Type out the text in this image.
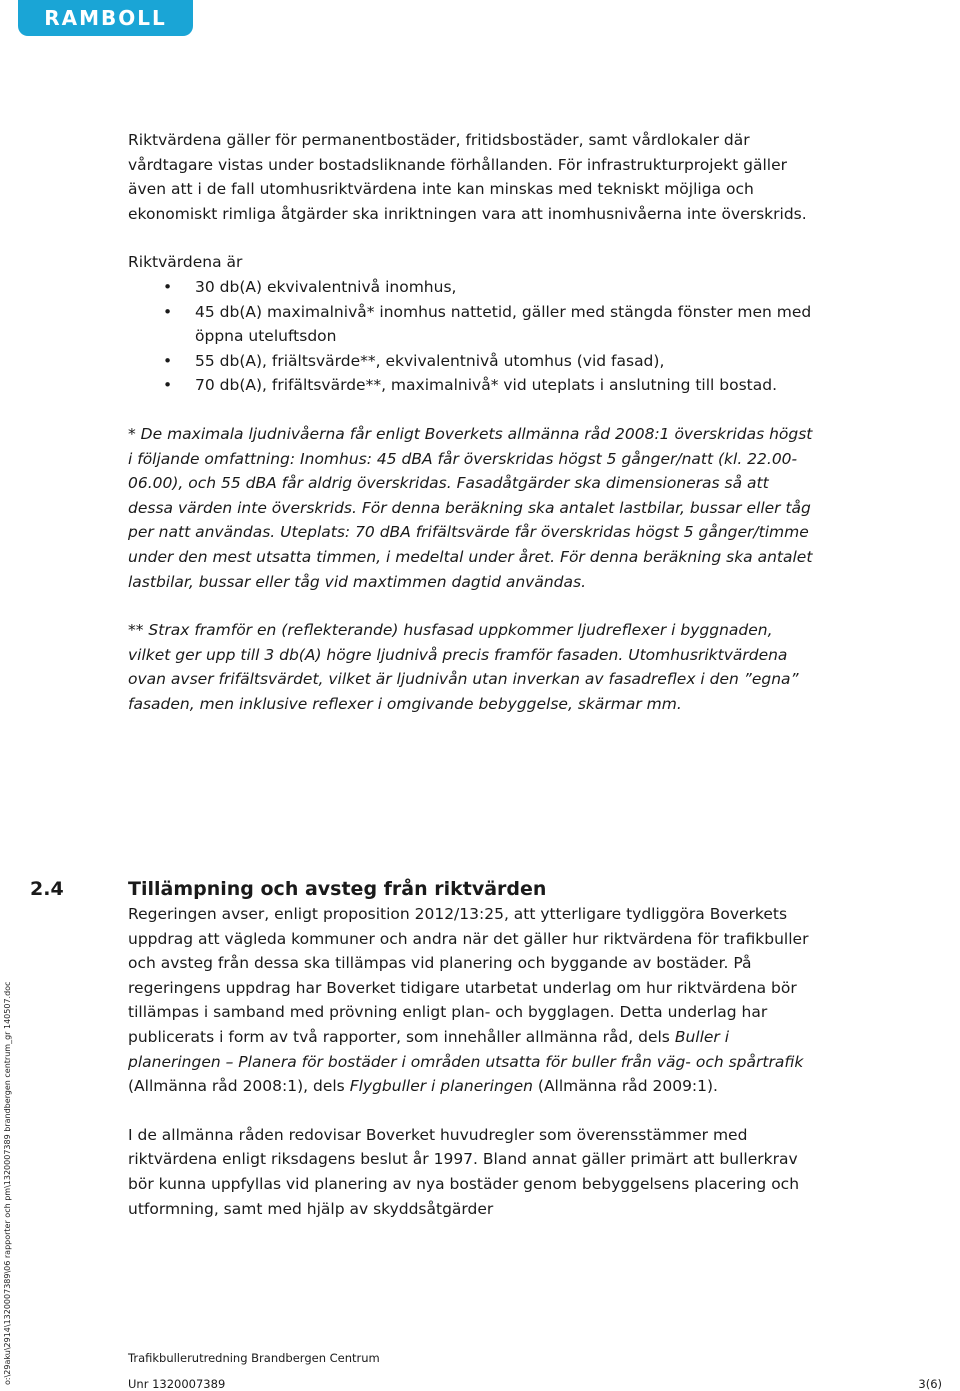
RAMBOLL

Riktvärdena gäller för permanentbostäder, fritidsbostäder, samt vårdlokaler där vårdtagare vistas under bostadsliknande förhållanden. För infrastrukturprojekt gäller även att i de fall utomhusriktvärdena inte kan minskas med tekniskt möjliga och ekonomiskt rimliga åtgärder ska inriktningen vara att inomhusnivåerna inte överskrids.

Riktvärdena är

• 30 db(A) ekvivalentnivå inomhus,
• 45 db(A) maximalnivå* inomhus nattetid, gäller med stängda fönster men med öppna uteluftsdon
• 55 db(A), friältsvärde**, ekvivalentnivå utomhus (vid fasad),
• 70 db(A), frifältsvärde**, maximalnivå* vid uteplats i anslutning till bostad.

* De maximala ljudnivåerna får enligt Boverkets allmänna råd 2008:1 överskridas högst i följande omfattning: Inomhus: 45 dBA får överskridas högst 5 gånger/natt (kl. 22.00-06.00), och 55 dBA får aldrig överskridas. Fasadåtgärder ska dimensioneras så att dessa värden inte överskrids. För denna beräkning ska antalet lastbilar, bussar eller tåg per natt användas. Uteplats: 70 dBA frifältsvärde får överskridas högst 5 gånger/timme under den mest utsatta timmen, i medeltal under året. För denna beräkning ska antalet lastbilar, bussar eller tåg vid maxtimmen dagtid användas.

** Strax framför en (reflekterande) husfasad uppkommer ljudreflexer i byggnaden, vilket ger upp till 3 db(A) högre ljudnivå precis framför fasaden. Utomhusriktvärdena ovan avser frifältsvärdet, vilket är ljudnivån utan inverkan av fasadreflex i den ”egna” fasaden, men inklusive reflexer i omgivande bebyggelse, skärmar mm.

2.4	Tillämpning och avsteg från riktvärden

Regeringen avser, enligt proposition 2012/13:25, att ytterligare tydliggöra Boverkets uppdrag att vägleda kommuner och andra när det gäller hur riktvärdena för trafikbuller och avsteg från dessa ska tillämpas vid planering och byggande av bostäder. På regeringens uppdrag har Boverket tidigare utarbetat underlag om hur riktvärdena bör tillämpas i samband med prövning enligt plan- och bygglagen. Detta underlag har publicerats i form av två rapporter, som innehåller allmänna råd, dels Buller i planeringen – Planera för bostäder i områden utsatta för buller från väg- och spårtrafik (Allmänna råd 2008:1), dels Flygbuller i planeringen (Allmänna råd 2009:1).

I de allmänna råden redovisar Boverket huvudregler som överensstämmer med riktvärdena enligt riksdagens beslut år 1997. Bland annat gäller primärt att bullerkrav bör kunna uppfyllas vid planering av nya bostäder genom bebyggelsens placering och utformning, samt med hjälp av skyddsåtgärder

o:\29aku\2914\1320007389\06 rapporter och pm\1320007389 brandbergen centrum_gr 140507.doc	Trafikbullerutredning Brandbergen Centrum
Unr 1320007389	3(6)
